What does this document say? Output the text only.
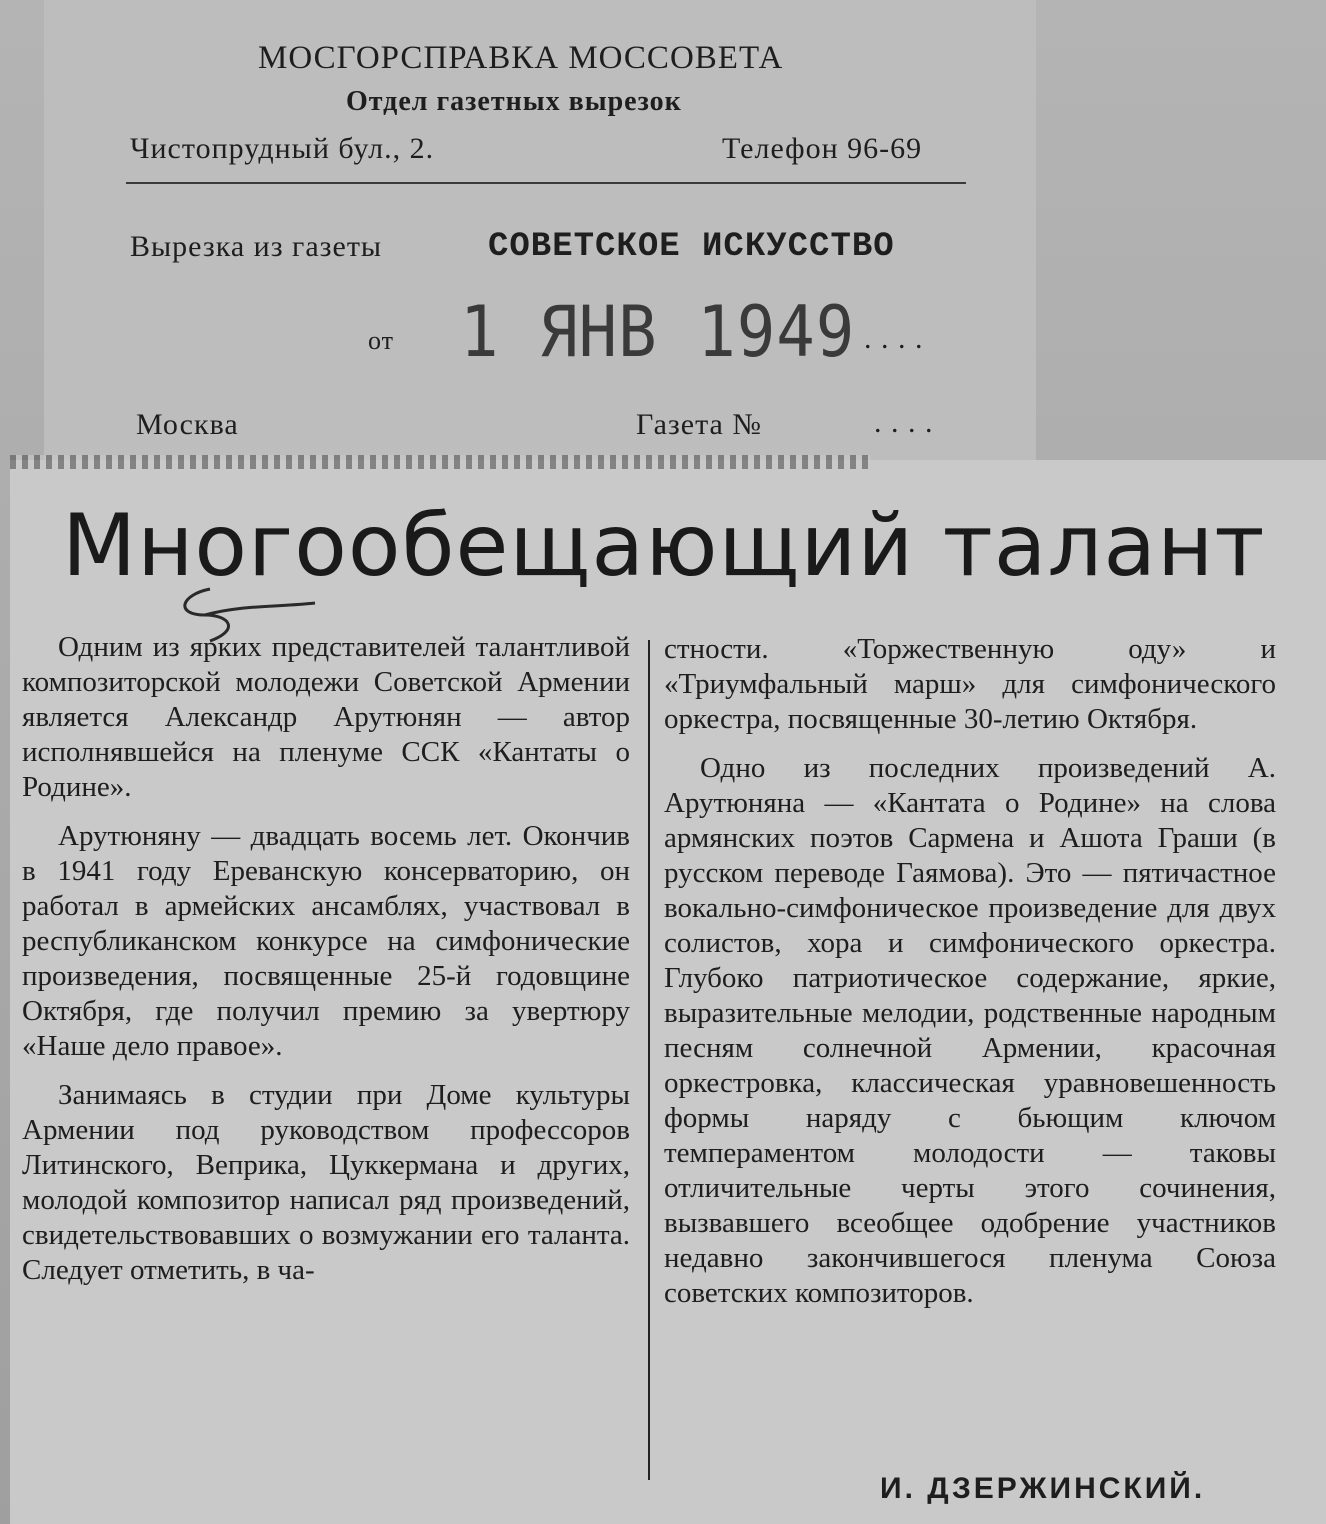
МОСГОРСПРАВКА МОССОВЕТА
Отдел газетных вырезок
Чистопрудный бул., 2.	Телефон 96-69
Вырезка из газеты	СОВЕТСКОЕ ИСКУССТВО
от 1 ЯНВ 1949 . . . .
Москва	Газета №	. . . .
Многообещающий талант

Одним из ярких представителей талантливой композиторской молодежи Советской Армении является Александр Арутюнян — автор исполнявшейся на пленуме ССК «Кантаты о Родине».

Арутюняну — двадцать восемь лет. Окончив в 1941 году Ереванскую консерваторию, он работал в армейских ансамблях, участвовал в республиканском конкурсе на симфонические произведения, посвященные 25-й годовщине Октября, где получил премию за увертюру «Наше дело правое».

Занимаясь в студии при Доме культуры Армении под руководством профессоров Литинского, Веприка, Цуккермана и других, молодой композитор написал ряд произведений, свидетельствовавших о возмужании его таланта. Следует отметить, в ча-

стности. «Торжественную оду» и «Триумфальный марш» для симфонического оркестра, посвященные 30-летию Октября.

Одно из последних произведений А. Арутюняна — «Кантата о Родине» на слова армянских поэтов Сармена и Ашота Граши (в русском переводе Гаямова). Это — пятичастное вокально-симфоническое произведение для двух солистов, хора и симфонического оркестра. Глубоко патриотическое содержание, яркие, выразительные мелодии, родственные народным песням солнечной Армении, красочная оркестровка, классическая уравновешенность формы наряду с бьющим ключом темпераментом молодости — таковы отличительные черты этого сочинения, вызвавшего всеобщее одобрение участников недавно закончившегося пленума Союза советских композиторов.

И. ДЗЕРЖИНСКИЙ.
